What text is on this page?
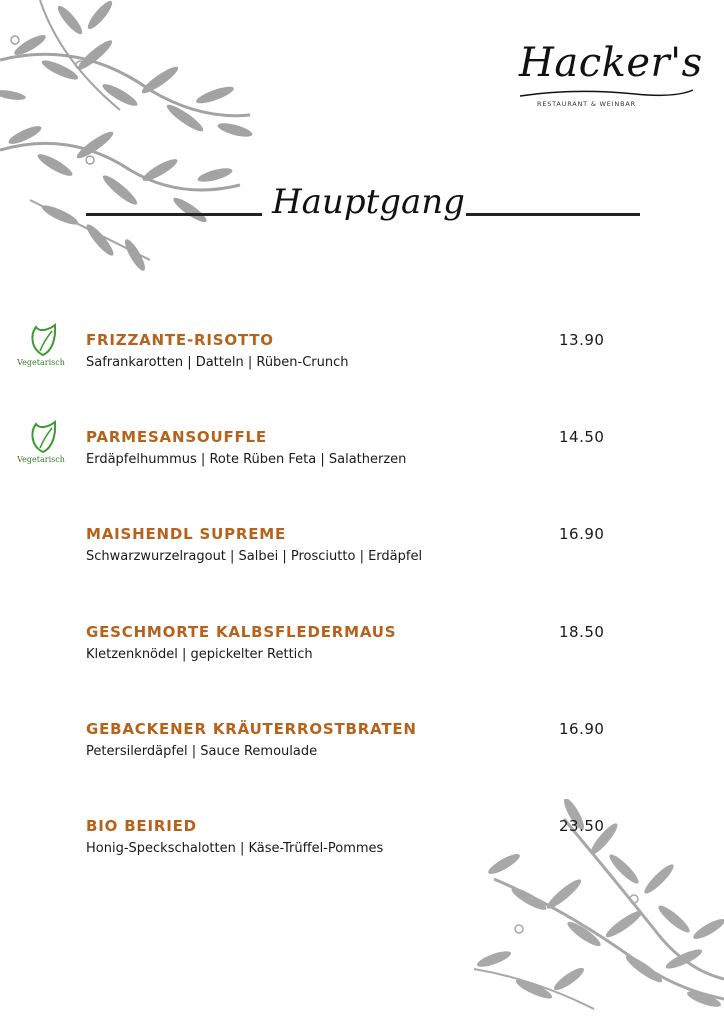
Hacker's
RESTAURANT & WEINBAR
Hauptgang
Vegetarisch
FRIZZANTE-RISOTTO	13.90
Safrankarotten | Datteln | Rüben-Crunch
Vegetarisch
PARMESANSOUFFLE	14.50
Erdäpfelhummus | Rote Rüben Feta | Salatherzen
MAISHENDL SUPREME	16.90
Schwarzwurzelragout | Salbei | Prosciutto | Erdäpfel
GESCHMORTE KALBSFLEDERMAUS	18.50
Kletzenknödel | gepickelter Rettich
GEBACKENER KRÄUTERROSTBRATEN	16.90
Petersilerdäpfel | Sauce Remoulade
BIO BEIRIED	23.50
Honig-Speckschalotten | Käse-Trüffel-Pommes
